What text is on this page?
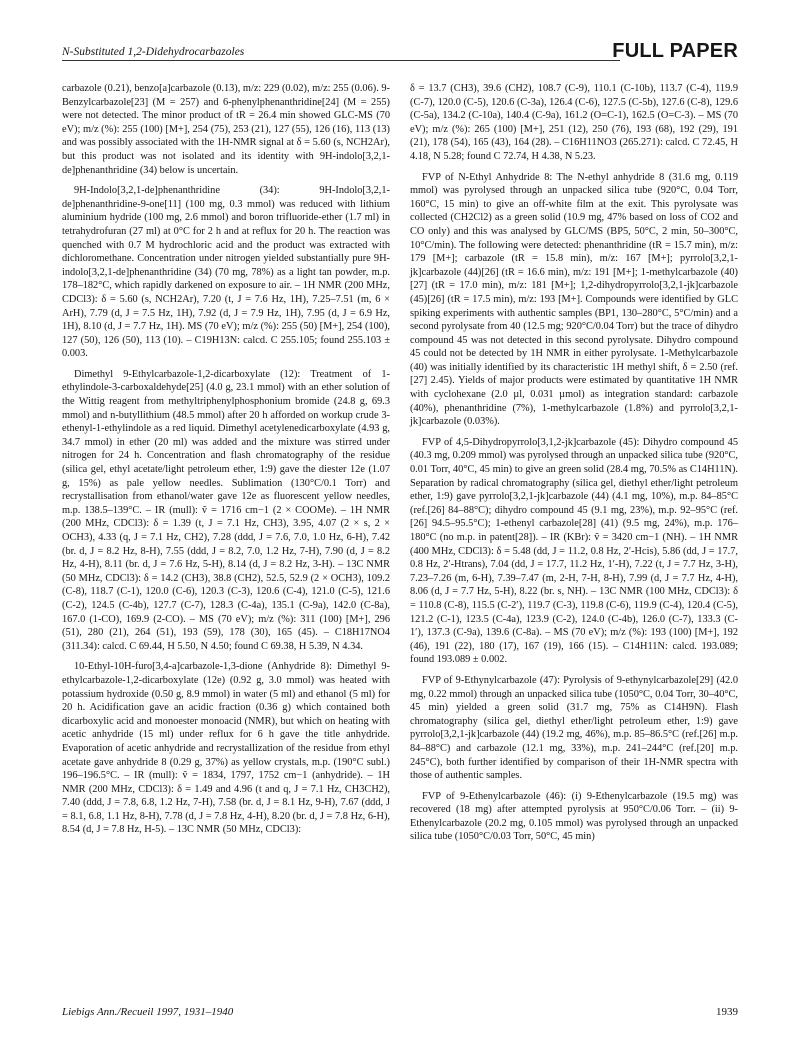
N-Substituted 1,2-Didehydrocarbazoles	FULL PAPER

carbazole (0.21), benzo[a]carbazole (0.13), m/z: 229 (0.02), m/z: 255 (0.06). 9-Benzylcarbazole[23] (M = 257) and 6-phenylphenanthridine[24] (M = 255) were not detected. The minor product of tR = 26.4 min showed GLC-MS (70 eV); m/z (%): 255 (100) [M+], 254 (75), 253 (21), 127 (55), 126 (16), 113 (13) and was possibly associated with the 1H-NMR signal at δ = 5.60 (s, NCH2Ar), but this product was not isolated and its identity with 9H-indolo[3,2,1-de]phenanthridine (34) below is uncertain.

9H-Indolo[3,2,1-de]phenanthridine (34): 9H-Indolo[3,2,1-de]phenanthridine-9-one[11] (100 mg, 0.3 mmol) was reduced with lithium aluminium hydride (100 mg, 2.6 mmol) and boron trifluoride-ether (1.7 ml) in tetrahydrofuran (27 ml) at 0°C for 2 h and at reflux for 20 h. The reaction was quenched with 0.7 M hydrochloric acid and the product was extracted with dichloromethane. Concentration under nitrogen yielded substantially pure 9H-indolo[3,2,1-de]phenanthridine (34) (70 mg, 78%) as a light tan powder, m.p. 178–182°C, which rapidly darkened on exposure to air. – 1H NMR (200 MHz, CDCl3): δ = 5.60 (s, NCH2Ar), 7.20 (t, J = 7.6 Hz, 1H), 7.25–7.51 (m, 6 × ArH), 7.79 (d, J = 7.5 Hz, 1H), 7.92 (d, J = 7.9 Hz, 1H), 7.95 (d, J = 6.9 Hz, 1H), 8.10 (d, J = 7.7 Hz, 1H). MS (70 eV); m/z (%): 255 (50) [M+], 254 (100), 127 (50), 126 (50), 113 (10). – C19H13N: calcd. C 255.105; found 255.103 ± 0.003.

Dimethyl 9-Ethylcarbazole-1,2-dicarboxylate (12): Treatment of 1-ethylindole-3-carboxaldehyde[25] (4.0 g, 23.1 mmol) with an ether solution of the Wittig reagent from methyltriphenylphosphonium bromide (24.8 g, 69.3 mmol) and n-butyllithium (48.5 mmol) after 20 h afforded on workup crude 3-ethenyl-1-ethylindole as a red liquid. Dimethyl acetylenedicarboxylate (4.93 g, 34.7 mmol) in ether (20 ml) was added and the mixture was stirred under nitrogen for 24 h. Concentration and flash chromatography of the residue (silica gel, ethyl acetate/light petroleum ether, 1:9) gave the diester 12e (1.07 g, 15%) as pale yellow needles. Sublimation (130°C/0.1 Torr) and recrystallisation from ethanol/water gave 12e as fluorescent yellow needles, m.p. 138.5–139°C. – IR (mull): ṽ = 1716 cm−1 (2 × COOMe). – 1H NMR (200 MHz, CDCl3): δ = 1.39 (t, J = 7.1 Hz, CH3), 3.95, 4.07 (2 × s, 2 × OCH3), 4.33 (q, J = 7.1 Hz, CH2), 7.28 (ddd, J = 7.6, 7.0, 1.0 Hz, 6-H), 7.42 (br. d, J = 8.2 Hz, 8-H), 7.55 (ddd, J = 8.2, 7.0, 1.2 Hz, 7-H), 7.90 (d, J = 8.2 Hz, 4-H), 8.11 (br. d, J = 7.6 Hz, 5-H), 8.14 (d, J = 8.2 Hz, 3-H). – 13C NMR (50 MHz, CDCl3): δ = 14.2 (CH3), 38.8 (CH2), 52.5, 52.9 (2 × OCH3), 109.2 (C-8), 118.7 (C-1), 120.0 (C-6), 120.3 (C-3), 120.6 (C-4), 121.0 (C-5), 121.6 (C-2), 124.5 (C-4b), 127.7 (C-7), 128.3 (C-4a), 135.1 (C-9a), 142.0 (C-8a), 167.0 (1-CO), 169.9 (2-CO). – MS (70 eV); m/z (%): 311 (100) [M+], 296 (51), 280 (21), 264 (51), 193 (59), 178 (30), 165 (45). – C18H17NO4 (311.34): calcd. C 69.44, H 5.50, N 4.50; found C 69.38, H 5.39, N 4.34.

10-Ethyl-10H-furo[3,4-a]carbazole-1,3-dione (Anhydride 8): Dimethyl 9-ethylcarbazole-1,2-dicarboxylate (12e) (0.92 g, 3.0 mmol) was heated with potassium hydroxide (0.50 g, 8.9 mmol) in water (5 ml) and ethanol (5 ml) for 20 h. Acidification gave an acidic fraction (0.36 g) which contained both dicarboxylic acid and monoester monoacid (NMR), but which on heating with acetic anhydride (15 ml) under reflux for 6 h gave the title anhydride. Evaporation of acetic anhydride and recrystallization of the residue from ethyl acetate gave anhydride 8 (0.29 g, 37%) as yellow crystals, m.p. (190°C subl.) 196–196.5°C. – IR (mull): ṽ = 1834, 1797, 1752 cm−1 (anhydride). – 1H NMR (200 MHz, CDCl3): δ = 1.49 and 4.96 (t and q, J = 7.1 Hz, CH3CH2), 7.40 (ddd, J = 7.8, 6.8, 1.2 Hz, 7-H), 7.58 (br. d, J = 8.1 Hz, 9-H), 7.67 (ddd, J = 8.1, 6.8, 1.1 Hz, 8-H), 7.78 (d, J = 7.8 Hz, 4-H), 8.20 (br. d, J = 7.8 Hz, 6-H), 8.54 (d, J = 7.8 Hz, H-5). – 13C NMR (50 MHz, CDCl3):

δ = 13.7 (CH3), 39.6 (CH2), 108.7 (C-9), 110.1 (C-10b), 113.7 (C-4), 119.9 (C-7), 120.0 (C-5), 120.6 (C-3a), 126.4 (C-6), 127.5 (C-5b), 127.6 (C-8), 129.6 (C-5a), 134.2 (C-10a), 140.4 (C-9a), 161.2 (O=C-1), 162.5 (O=C-3). – MS (70 eV); m/z (%): 265 (100) [M+], 251 (12), 250 (76), 193 (68), 192 (29), 191 (21), 178 (54), 165 (43), 164 (28). – C16H11NO3 (265.271): calcd. C 72.45, H 4.18, N 5.28; found C 72.74, H 4.38, N 5.23.

FVP of N-Ethyl Anhydride 8: The N-ethyl anhydride 8 (31.6 mg, 0.119 mmol) was pyrolysed through an unpacked silica tube (920°C, 0.04 Torr, 160°C, 15 min) to give an off-white film at the exit. This pyrolysate was collected (CH2Cl2) as a green solid (10.9 mg, 47% based on loss of CO2 and CO only) and this was analysed by GLC/MS (BP5, 50°C, 2 min, 50–300°C, 10°C/min). The following were detected: phenanthridine (tR = 15.7 min), m/z: 179 [M+]; carbazole (tR = 15.8 min), m/z: 167 [M+]; pyrrolo[3,2,1-jk]carbazole (44)[26] (tR = 16.6 min), m/z: 191 [M+]; 1-methylcarbazole (40)[27] (tR = 17.0 min), m/z: 181 [M+]; 1,2-dihydropyrrolo[3,2,1-jk]carbazole (45)[26] (tR = 17.5 min), m/z: 193 [M+]. Compounds were identified by GLC spiking experiments with authentic samples (BP1, 130–280°C, 5°C/min) and a second pyrolysate from 40 (12.5 mg; 920°C/0.04 Torr) but the trace of dihydro compound 45 was not detected in this second pyrolysate. Dihydro compound 45 could not be detected by 1H NMR in either pyrolysate. 1-Methylcarbazole (40) was initially identified by its characteristic 1H methyl shift, δ = 2.50 (ref.[27] 2.45). Yields of major products were estimated by quantitative 1H NMR with cyclohexane (2.0 µl, 0.031 µmol) as integration standard: carbazole (40%), phenanthridine (7%), 1-methylcarbazole (1.8%) and pyrrolo[3,2,1-jk]carbazole (0.03%).

FVP of 4,5-Dihydropyrrolo[3,1,2-jk]carbazole (45): Dihydro compound 45 (40.3 mg, 0.209 mmol) was pyrolysed through an unpacked silica tube (920°C, 0.01 Torr, 40°C, 45 min) to give an green solid (28.4 mg, 70.5% as C14H11N). Separation by radical chromatography (silica gel, diethyl ether/light petroleum ether, 1:9) gave pyrrolo[3,2,1-jk]carbazole (44) (4.1 mg, 10%), m.p. 84–85°C (ref.[26] 84–88°C); dihydro compound 45 (9.1 mg, 23%), m.p. 92–95°C (ref.[26] 94.5–95.5°C); 1-ethenyl carbazole[28] (41) (9.5 mg, 24%), m.p. 176–180°C (no m.p. in patent[28]). – IR (KBr): ṽ = 3420 cm−1 (NH). – 1H NMR (400 MHz, CDCl3): δ = 5.48 (dd, J = 11.2, 0.8 Hz, 2′-Hcis), 5.86 (dd, J = 17.7, 0.8 Hz, 2′-Htrans), 7.04 (dd, J = 17.7, 11.2 Hz, 1′-H), 7.22 (t, J = 7.7 Hz, 3-H), 7.23–7.26 (m, 6-H), 7.39–7.47 (m, 2-H, 7-H, 8-H), 7.99 (d, J = 7.7 Hz, 4-H), 8.06 (d, J = 7.7 Hz, 5-H), 8.22 (br. s, NH). – 13C NMR (100 MHz, CDCl3): δ = 110.8 (C-8), 115.5 (C-2′), 119.7 (C-3), 119.8 (C-6), 119.9 (C-4), 120.4 (C-5), 121.2 (C-1), 123.5 (C-4a), 123.9 (C-2), 124.0 (C-4b), 126.0 (C-7), 133.3 (C-1′), 137.3 (C-9a), 139.6 (C-8a). – MS (70 eV); m/z (%): 193 (100) [M+], 192 (46), 191 (22), 180 (17), 167 (19), 166 (15). – C14H11N: calcd. 193.089; found 193.089 ± 0.002.

FVP of 9-Ethynylcarbazole (47): Pyrolysis of 9-ethynylcarbazole[29] (42.0 mg, 0.22 mmol) through an unpacked silica tube (1050°C, 0.04 Torr, 30–40°C, 45 min) yielded a green solid (31.7 mg, 75% as C14H9N). Flash chromatography (silica gel, diethyl ether/light petroleum ether, 1:9) gave pyrrolo[3,2,1-jk]carbazole (44) (19.2 mg, 46%), m.p. 85–86.5°C (ref.[26] m.p. 84–88°C) and carbazole (12.1 mg, 33%), m.p. 241–244°C (ref.[20] m.p. 245°C), both further identified by comparison of their 1H-NMR spectra with those of authentic samples.

FVP of 9-Ethenylcarbazole (46): (i) 9-Ethenylcarbazole (19.5 mg) was recovered (18 mg) after attempted pyrolysis at 950°C/0.06 Torr. – (ii) 9-Ethenylcarbazole (20.2 mg, 0.105 mmol) was pyrolysed through an unpacked silica tube (1050°C/0.03 Torr, 50°C, 45 min)

Liebigs Ann./Recueil 1997, 1931–1940	1939
